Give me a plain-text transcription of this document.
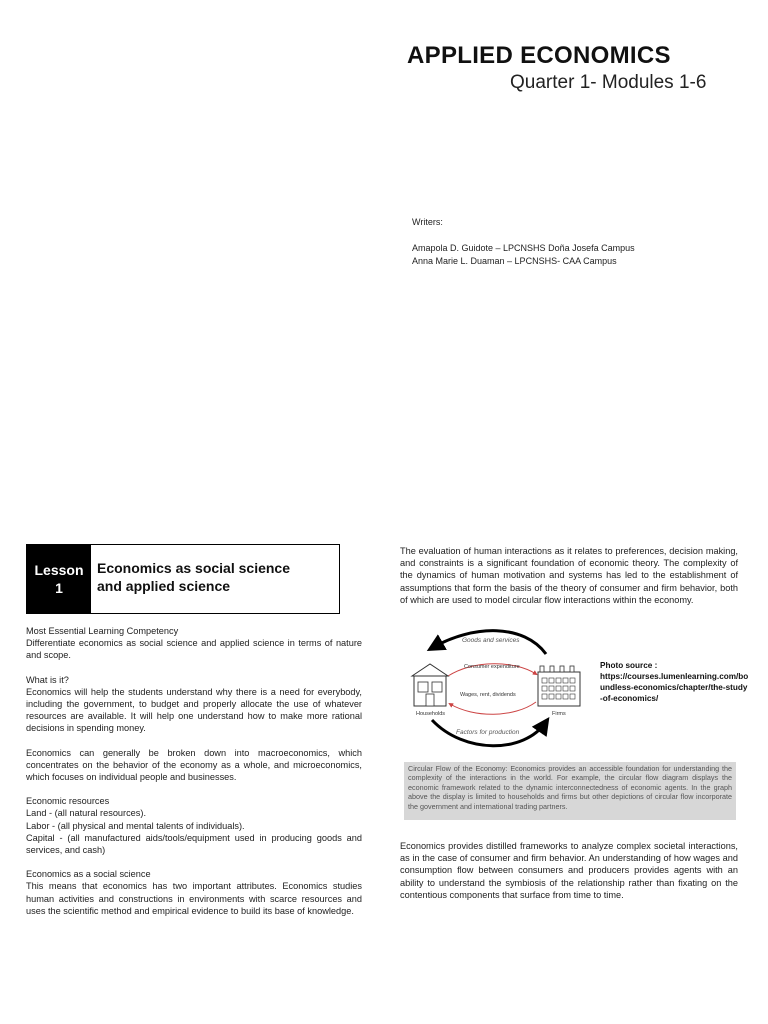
APPLIED ECONOMICS
Quarter 1- Modules 1-6
Writers:
Amapola D. Guidote – LPCNSHS Doña Josefa Campus
Anna Marie L. Duaman – LPCNSHS- CAA Campus
Lesson
1
Economics as social science
and applied science

Most Essential Learning Competency
Differentiate economics as social science and applied science in terms of nature and scope.

What is it?
Economics will help the students understand why there is a need for everybody, including the government, to budget and properly allocate the use of whatever resources are available. It will help one understand how to make more rational decisions in spending money.

Economics can generally be broken down into macroeconomics, which concentrates on the behavior of the economy as a whole, and microeconomics, which focuses on individual people and businesses.

Economic resources
Land - (all natural resources).
Labor - (all physical and mental talents of individuals).
Capital - (all manufactured aids/tools/equipment used in producing goods and services, and cash)

Economics as a social science
This means that economics has two important attributes. Economics studies human activities and constructions in environments with scarce resources and uses the scientific method and empirical evidence to build its base of knowledge.

The evaluation of human interactions as it relates to preferences, decision making, and constraints is a significant foundation of economic theory. The complexity of the dynamics of human motivation and systems has led to the establishment of assumptions that form the basis of the theory of consumer and firm behavior, both of which are used to model circular flow interactions within the economy.
Goods and services
Consumer expenditure
Wages, rent, dividends
Factors for production
Households	Firms
Photo source :
https://courses.lumenlearning.com/boundless-economics/chapter/the-study-of-economics/
Circular Flow of the Economy: Economics provides an accessible foundation for understanding the complexity of the interactions in the world. For example, the circular flow diagram displays the economic framework related to the dynamic interconnectedness of economic agents. In the graph above the display is limited to households and firms but other depictions of circular flow incorporate the government and international trading partners.
Economics provides distilled frameworks to analyze complex societal interactions, as in the case of consumer and firm behavior. An understanding of how wages and consumption flow between consumers and producers provides agents with an ability to understand the symbiosis of the relationship rather than fixating on the contentious components that surface from time to time.
